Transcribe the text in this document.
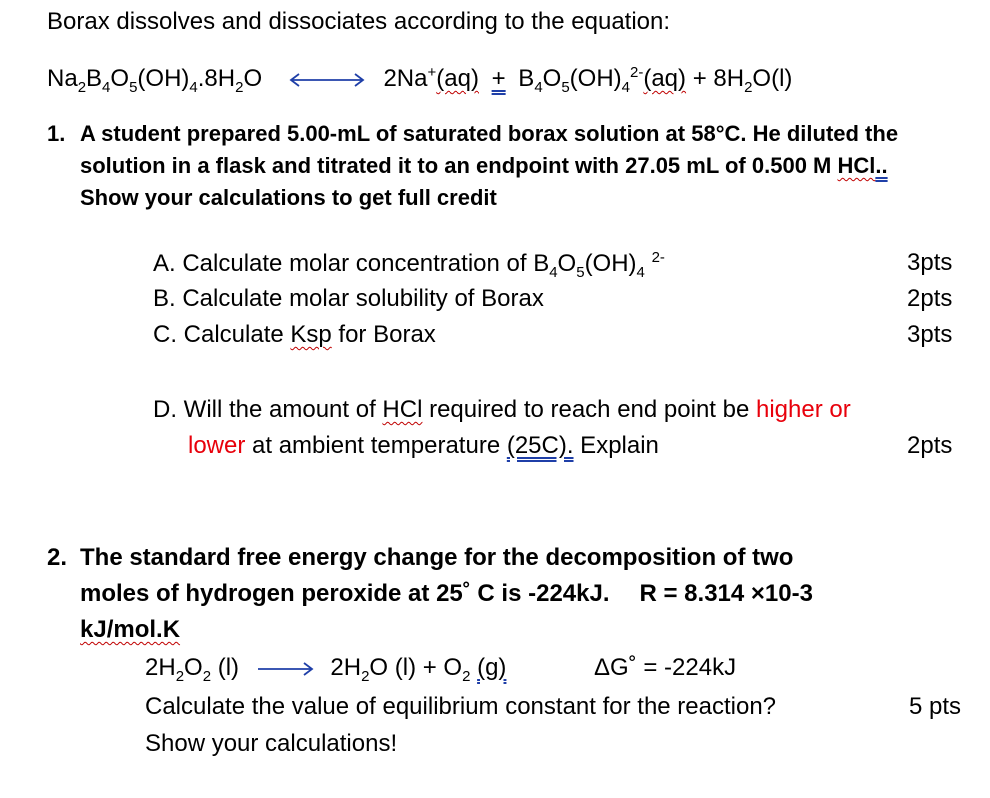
Borax dissolves and dissociates according to the equation:
$Na_2B_4O_5(OH)_4.8H_2O$	$2Na^+(aq) + B_4O_5(OH)_4^{2-}(aq) + 8H_2O(l)$
1. A student prepared 5.00-mL of saturated borax solution at 58°C. He diluted the
solution in a flask and titrated it to an endpoint with 27.05 mL of 0.500 M HCl..
Show your calculations to get full credit
A. Calculate molar concentration of $B_4O_5(OH)_4$ $^{2-}$	3pts
B. Calculate molar solubility of Borax	2pts
C. Calculate Ksp for Borax	3pts
D. Will the amount of HCl required to reach end point be higher or
lower at ambient temperature (25C). Explain	2pts
2. The standard free energy change for the decomposition of two
moles of hydrogen peroxide at 25˚ C is -224kJ. R = 8.314 ×10-3
kJ/mol.K
$2H_2O_2$ $(l) \to 2H_2O$ $(l) + O_2$ (g)	ΔG˚ = -224kJ
Calculate the value of equilibrium constant for the reaction?	5 pts
Show your calculations!
